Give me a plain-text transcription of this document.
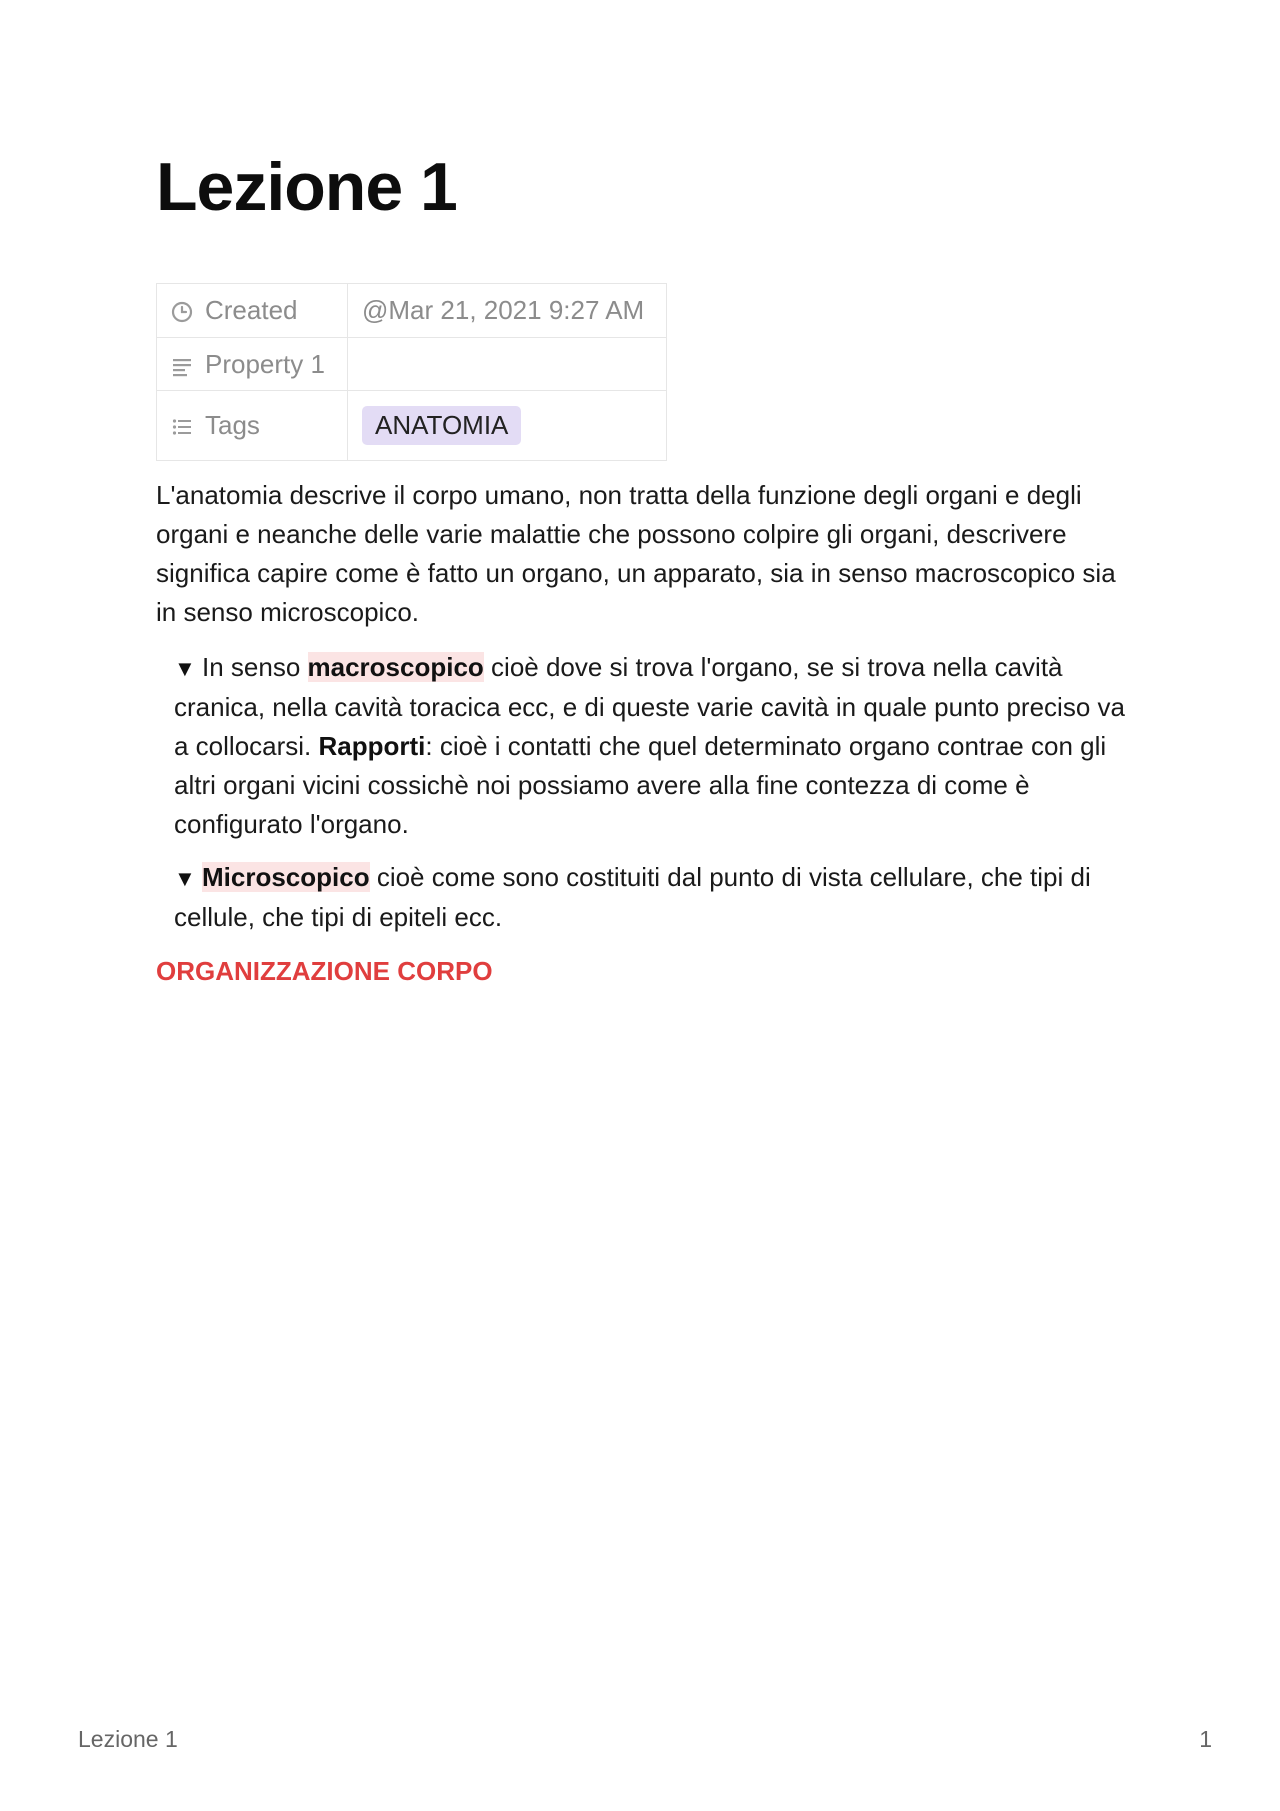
Lezione 1
Created	@Mar 21, 2021 9:27 AM
Property 1	
Tags	ANATOMIA

L'anatomia descrive il corpo umano, non tratta della funzione degli organi e degli organi e neanche delle varie malattie che possono colpire gli organi, descrivere significa capire come è fatto un organo, un apparato, sia in senso macroscopico sia in senso microscopico.

▼ In senso macroscopico cioè dove si trova l'organo, se si trova nella cavità cranica, nella cavità toracica ecc, e di queste varie cavità in quale punto preciso va a collocarsi. Rapporti: cioè i contatti che quel determinato organo contrae con gli altri organi vicini cossichè noi possiamo avere alla fine contezza di come è configurato l'organo.

▼ Microscopico cioè come sono costituiti dal punto di vista cellulare, che tipi di cellule, che tipi di epiteli ecc.

ORGANIZZAZIONE CORPO
Lezione 1	1
